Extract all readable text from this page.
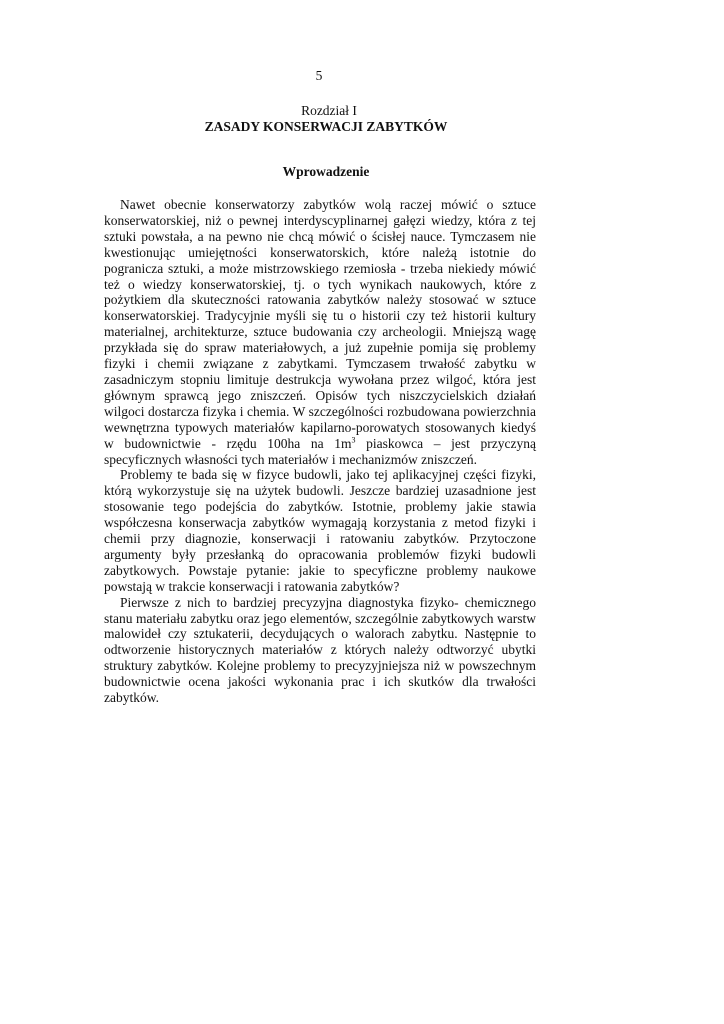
5
Rozdział I
ZASADY KONSERWACJI ZABYTKÓW
Wprowadzenie

Nawet obecnie konserwatorzy zabytków wolą raczej mówić o sztuce konserwatorskiej, niż o pewnej interdyscyplinarnej gałęzi wiedzy, która z tej sztuki powstała, a na pewno nie chcą mówić o ścisłej nauce. Tymczasem nie kwestionując umiejętności konserwatorskich, które należą istotnie do pogranicza sztuki, a może mistrzowskiego rzemiosła - trzeba niekiedy mówić też o wiedzy konserwatorskiej, tj. o tych wynikach naukowych, które z pożytkiem dla skuteczności ratowania zabytków należy stosować w sztuce konserwatorskiej. Tradycyjnie myśli się tu o historii czy też historii kultury materialnej, architekturze, sztuce budowania czy archeologii. Mniejszą wagę przykłada się do spraw materiałowych, a już zupełnie pomija się problemy fizyki i chemii związane z zabytkami. Tymczasem trwałość zabytku w zasadniczym stopniu limituje destrukcja wywołana przez wilgoć, która jest głównym sprawcą jego zniszczeń. Opisów tych niszczycielskich działań wilgoci dostarcza fizyka i chemia. W szczególności rozbudowana powierzchnia wewnętrzna typowych materiałów kapilarno-porowatych stosowanych kiedyś w budownictwie - rzędu 100ha na $1m^3$ piaskowca – jest przyczyną specyficznych własności tych materiałów i mechanizmów zniszczeń.

Problemy te bada się w fizyce budowli, jako tej aplikacyjnej części fizyki, którą wykorzystuje się na użytek budowli. Jeszcze bardziej uzasadnione jest stosowanie tego podejścia do zabytków. Istotnie, problemy jakie stawia współczesna konserwacja zabytków wymagają korzystania z metod fizyki i chemii przy diagnozie, konserwacji i ratowaniu zabytków. Przytoczone argumenty były przesłanką do opracowania problemów fizyki budowli zabytkowych. Powstaje pytanie: jakie to specyficzne problemy naukowe powstają w trakcie konserwacji i ratowania zabytków?

Pierwsze z nich to bardziej precyzyjna diagnostyka fizyko- chemicznego stanu materiału zabytku oraz jego elementów, szczególnie zabytkowych warstw malowideł czy sztukaterii, decydujących o walorach zabytku. Następnie to odtworzenie historycznych materiałów z których należy odtworzyć ubytki struktury zabytków. Kolejne problemy to precyzyjniejsza niż w powszechnym budownictwie ocena jakości wykonania prac i ich skutków dla trwałości zabytków.
